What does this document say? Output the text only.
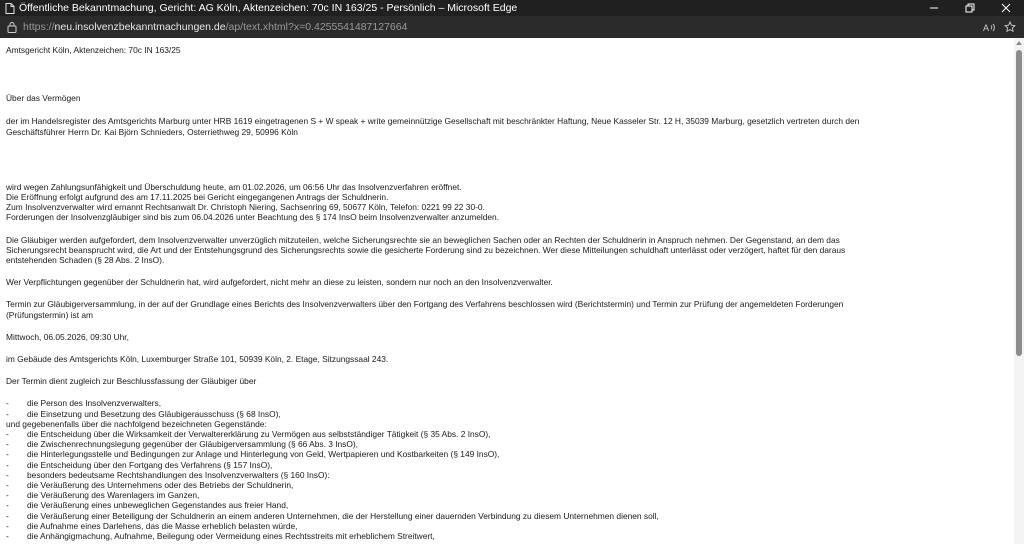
Öffentliche Bekanntmachung, Gericht: AG Köln, Aktenzeichen: 70c IN 163/25 - Persönlich – Microsoft Edge
https://neu.insolvenzbekanntmachungen.de/ap/text.xhtml?x=0.4255541487127664	A

Amtsgericht Köln, Aktenzeichen: 70c IN 163/25

Über das Vermögen

der im Handelsregister des Amtsgerichts Marburg unter HRB 1619 eingetragenen S + W speak + write gemeinnützige Gesellschaft mit beschränkter Haftung, Neue Kasseler Str. 12 H, 35039 Marburg, gesetzlich vertreten durch den

Geschäftsführer Herrn Dr. Kai Björn Schnieders, Osterriethweg 29, 50996 Köln

wird wegen Zahlungsunfähigkeit und Überschuldung heute, am 01.02.2026, um 06:56 Uhr das Insolvenzverfahren eröffnet.

Die Eröffnung erfolgt aufgrund des am 17.11.2025 bei Gericht eingegangenen Antrags der Schuldnerin.

Zum Insolvenzverwalter wird ernannt Rechtsanwalt Dr. Christoph Niering, Sachsenring 69, 50677 Köln, Telefon: 0221 99 22 30-0.

Forderungen der Insolvenzgläubiger sind bis zum 06.04.2026 unter Beachtung des § 174 InsO beim Insolvenzverwalter anzumelden.

Die Gläubiger werden aufgefordert, dem Insolvenzverwalter unverzüglich mitzuteilen, welche Sicherungsrechte sie an beweglichen Sachen oder an Rechten der Schuldnerin in Anspruch nehmen. Der Gegenstand, an dem das

Sicherungsrecht beansprucht wird, die Art und der Entstehungsgrund des Sicherungsrechts sowie die gesicherte Forderung sind zu bezeichnen. Wer diese Mitteilungen schuldhaft unterlässt oder verzögert, haftet für den daraus

entstehenden Schaden (§ 28 Abs. 2 InsO).

Wer Verpflichtungen gegenüber der Schuldnerin hat, wird aufgefordert, nicht mehr an diese zu leisten, sondern nur noch an den Insolvenzverwalter.

Termin zur Gläubigerversammlung, in der auf der Grundlage eines Berichts des Insolvenzverwalters über den Fortgang des Verfahrens beschlossen wird (Berichtstermin) und Termin zur Prüfung der angemeldeten Forderungen

(Prüfungstermin) ist am

Mittwoch, 06.05.2026, 09:30 Uhr,

im Gebäude des Amtsgerichts Köln, Luxemburger Straße 101, 50939 Köln, 2. Etage, Sitzungssaal 243.

Der Termin dient zugleich zur Beschlussfassung der Gläubiger über

-	die Person des Insolvenzverwalters,
-	die Einsetzung und Besetzung des Gläubigerausschuss (§ 68 InsO),

und gegebenenfalls über die nachfolgend bezeichneten Gegenstände:

-	die Entscheidung über die Wirksamkeit der Verwaltererklärung zu Vermögen aus selbstständiger Tätigkeit (§ 35 Abs. 2 InsO),
-	die Zwischenrechnungslegung gegenüber der Gläubigerversammlung (§ 66 Abs. 3 InsO),
-	die Hinterlegungsstelle und Bedingungen zur Anlage und Hinterlegung von Geld, Wertpapieren und Kostbarkeiten (§ 149 InsO),
-	die Entscheidung über den Fortgang des Verfahrens (§ 157 InsO),
-	besonders bedeutsame Rechtshandlungen des Insolvenzverwalters (§ 160 InsO):
-	die Veräußerung des Unternehmens oder des Betriebs der Schuldnerin,
-	die Veräußerung des Warenlagers im Ganzen,
-	die Veräußerung eines unbeweglichen Gegenstandes aus freier Hand,
-	die Veräußerung einer Beteiligung der Schuldnerin an einem anderen Unternehmen, die der Herstellung einer dauernden Verbindung zu diesem Unternehmen dienen soll,
-	die Aufnahme eines Darlehens, das die Masse erheblich belasten würde,
-	die Anhängigmachung, Aufnahme, Beilegung oder Vermeidung eines Rechtsstreits mit erheblichem Streitwert,
